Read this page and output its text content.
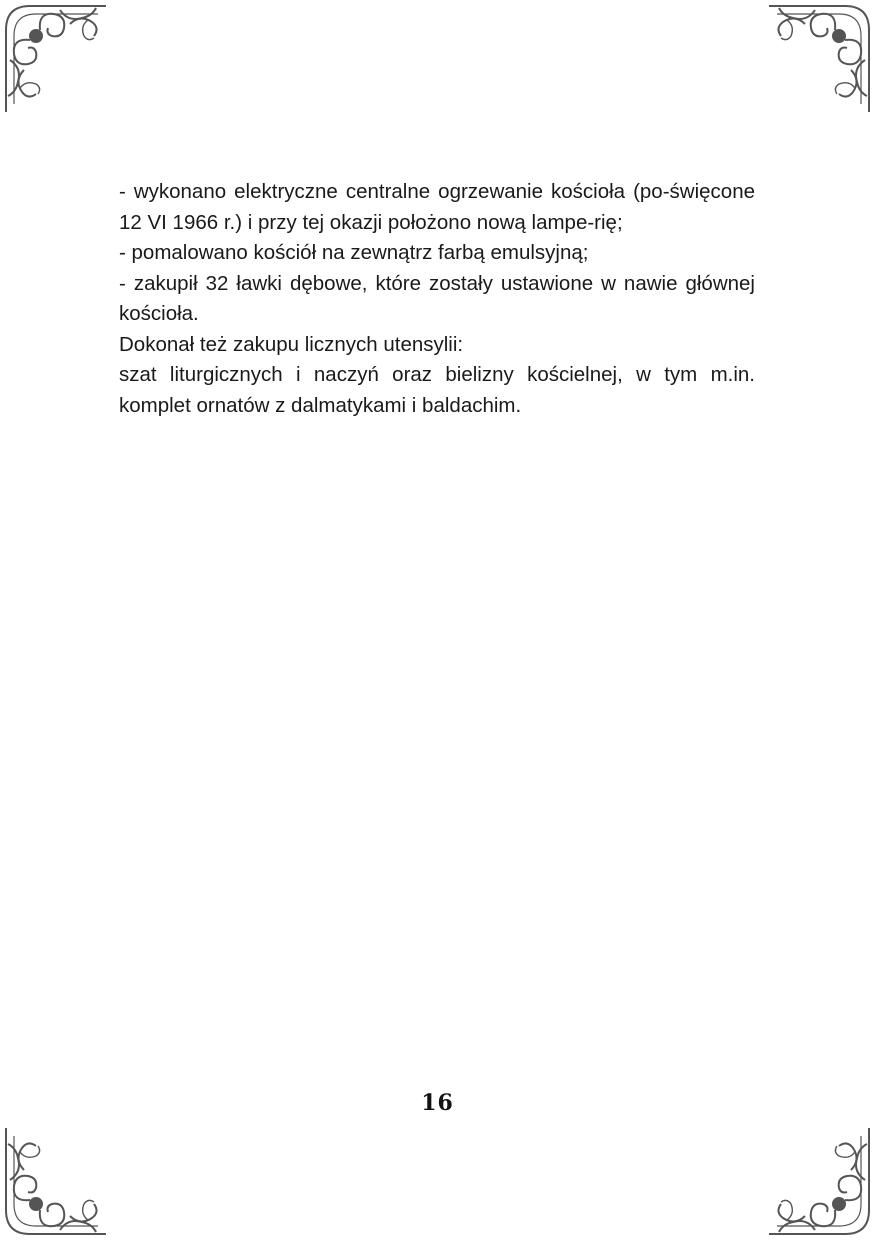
- wykonano elektryczne centralne ogrzewanie kościoła (po-święcone 12 VI 1966 r.) i przy tej okazji położono nową lampe-rię;

- pomalowano kościół na zewnątrz farbą emulsyjną;

- zakupił 32 ławki dębowe, które zostały ustawione w nawie głównej kościoła.

Dokonał też zakupu licznych utensylii:

szat liturgicznych i naczyń oraz bielizny kościelnej, w tym m.in. komplet ornatów z dalmatykami i baldachim.

16
